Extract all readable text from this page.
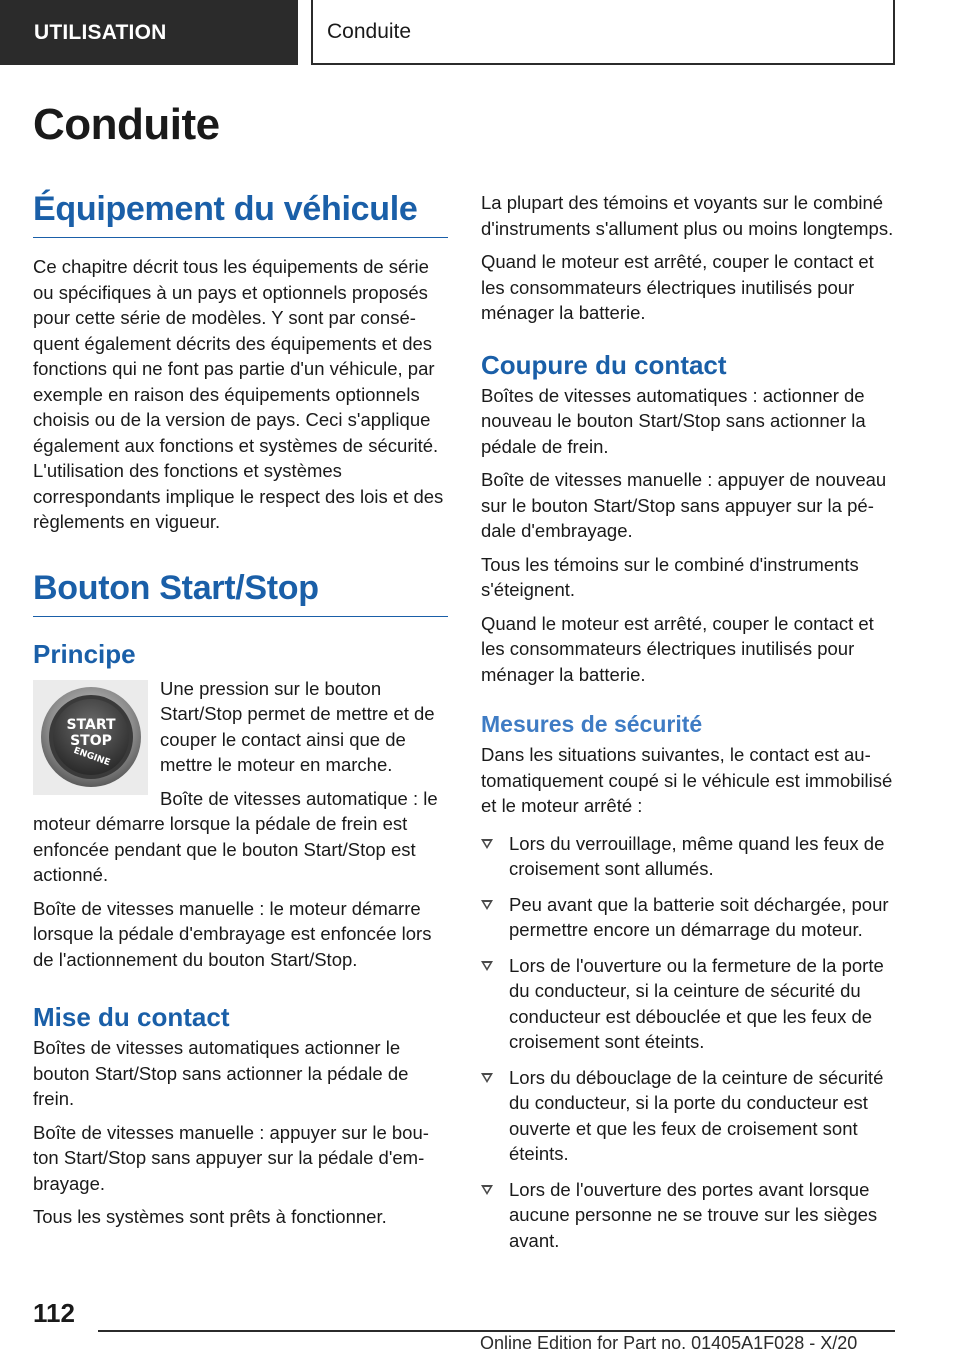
UTILISATION	Conduite
Conduite
Équipement du véhicule

Ce chapitre décrit tous les équipements de série ou spécifiques à un pays et optionnels proposés pour cette série de modèles. Y sont par conséquent également décrits des équipements et des fonctions qui ne font pas partie d'un véhicule, par exemple en raison des équipements optionnels choisis ou de la version de pays. Ceci s'applique également aux fonctions et systèmes de sécurité. L'utilisation des fonctions et systèmes correspondants implique le respect des lois et des règlements en vigueur.

Bouton Start/Stop
Principe
START
STOP
ENGINE

Une pression sur le bouton Start/Stop permet de mettre et de couper le contact ainsi que de mettre le moteur en marche.

Boîte de vitesses automatique : le moteur démarre lorsque la pédale de frein est enfoncée pendant que le bouton Start/Stop est actionné.

Boîte de vitesses manuelle : le moteur démarre lorsque la pédale d'embrayage est enfoncée lors de l'actionnement du bouton Start/Stop.

Mise du contact

Boîtes de vitesses automatiques actionner le bouton Start/Stop sans actionner la pédale de frein.

Boîte de vitesses manuelle : appuyer sur le bouton Start/Stop sans appuyer sur la pédale d'embrayage.

Tous les systèmes sont prêts à fonctionner.

La plupart des témoins et voyants sur le combiné d'instruments s'allument plus ou moins longtemps.

Quand le moteur est arrêté, couper le contact et les consommateurs électriques inutilisés pour ménager la batterie.

Coupure du contact

Boîtes de vitesses automatiques : actionner de nouveau le bouton Start/Stop sans actionner la pédale de frein.

Boîte de vitesses manuelle : appuyer de nouveau sur le bouton Start/Stop sans appuyer sur la pédale d'embrayage.

Tous les témoins sur le combiné d'instruments s'éteignent.

Quand le moteur est arrêté, couper le contact et les consommateurs électriques inutilisés pour ménager la batterie.

Mesures de sécurité

Dans les situations suivantes, le contact est automatiquement coupé si le véhicule est immobilisé et le moteur arrêté :

Lors du verrouillage, même quand les feux de croisement sont allumés.
Peu avant que la batterie soit déchargée, pour permettre encore un démarrage du moteur.
Lors de l'ouverture ou la fermeture de la porte du conducteur, si la ceinture de sécurité du conducteur est débouclée et que les feux de croisement sont éteints.
Lors du débouclage de la ceinture de sécurité du conducteur, si la porte du conducteur est ouverte et que les feux de croisement sont éteints.
Lors de l'ouverture des portes avant lorsque aucune personne ne se trouve sur les sièges avant.
112
Online Edition for Part no. 01405A1F028 - X/20
